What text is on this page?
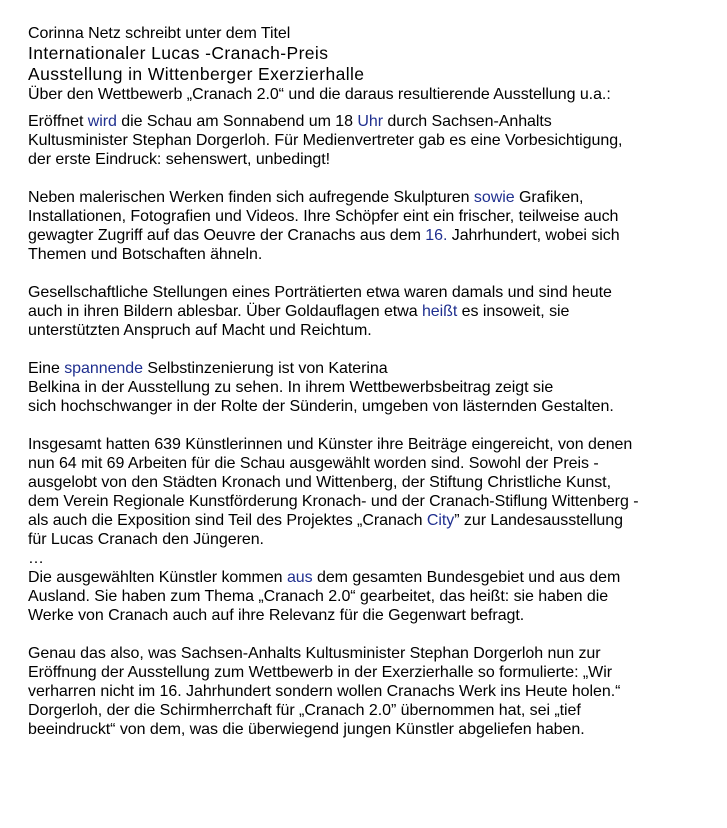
Corinna Netz schreibt unter dem Titel
Internationaler Lucas -Cranach-Preis
Ausstellung in Wittenberger Exerzierhalle
Über den Wettbewerb „Cranach 2.0“ und die daraus resultierende Ausstellung u.a.:
Eröffnet wird die Schau am Sonnabend um 18 Uhr durch Sachsen-Anhalts
Kultusminister Stephan Dorgerloh. Für Medienvertreter gab es eine Vorbesichtigung,
der erste Eindruck: sehenswert, unbedingt!
Neben malerischen Werken finden sich aufregende Skulpturen sowie Grafiken,
Installationen, Fotografien und Videos. Ihre Schöpfer eint ein frischer, teilweise auch
gewagter Zugriff auf das Oeuvre der Cranachs aus dem 16. Jahrhundert, wobei sich
Themen und Botschaften ähneln.
Gesellschaftliche Stellungen eines Porträtierten etwa waren damals und sind heute
auch in ihren Bildern ablesbar. Über Goldauflagen etwa heißt es insoweit, sie
unterstützten Anspruch auf Macht und Reichtum.
Eine spannende Selbstinzenierung ist von Katerina
Belkina in der Ausstellung zu sehen. In ihrem Wettbewerbsbeitrag zeigt sie
sich hochschwanger in der Rolte der Sünderin, umgeben von lästernden Gestalten.
Insgesamt hatten 639 Künstlerinnen und Künster ihre Beiträge eingereicht, von denen
nun 64 mit 69 Arbeiten für die Schau ausgewählt worden sind. Sowohl der Preis -
ausgelobt von den Städten Kronach und Wittenberg, der Stiftung Christliche Kunst,
dem Verein Regionale Kunstförderung Kronach- und der Cranach-Stiflung Wittenberg -
als auch die Exposition sind Teil des Projektes „Cranach City” zur Landesausstellung
für Lucas Cranach den Jüngeren.
…
Die ausgewählten Künstler kommen aus dem gesamten Bundesgebiet und aus dem
Ausland. Sie haben zum Thema „Cranach 2.0“ gearbeitet, das heißt: sie haben die
Werke von Cranach auch auf ihre Relevanz für die Gegenwart befragt.
Genau das also, was Sachsen-Anhalts Kultusminister Stephan Dorgerloh nun zur
Eröffnung der Ausstellung zum Wettbewerb in der Exerzierhalle so formulierte: „Wir
verharren nicht im 16. Jahrhundert sondern wollen Cranachs Werk ins Heute holen.“
Dorgerloh, der die Schirmherrchaft für „Cranach 2.0” übernommen hat, sei „tief
beeindruckt“ von dem, was die überwiegend jungen Künstler abgeliefen haben.
